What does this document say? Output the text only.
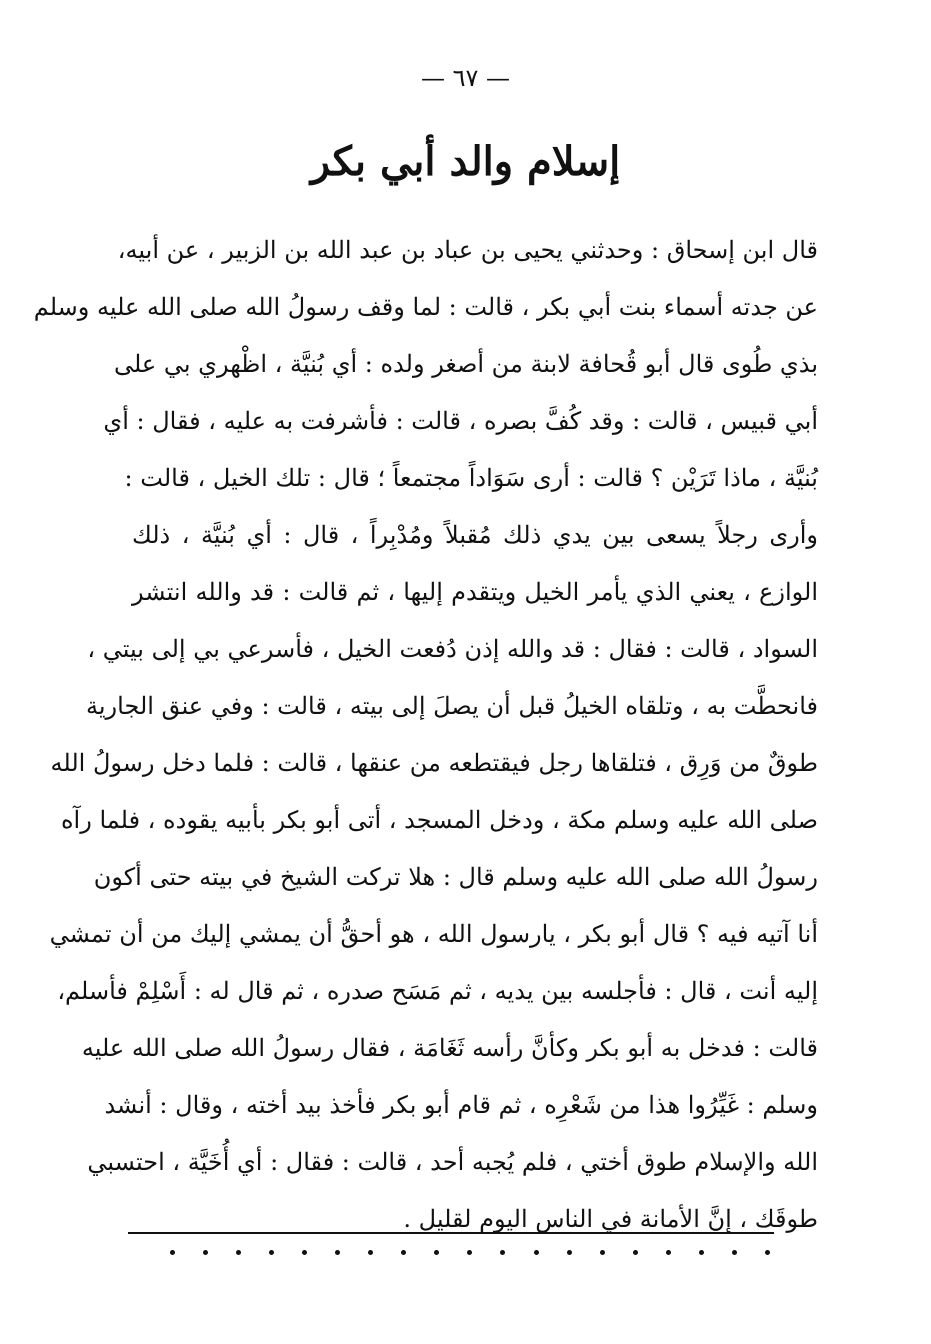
— ٦٧ —
إسلام والد أبي بكر
قال ابن إسحاق : وحدثني يحيى بن عباد بن عبد الله بن الزبير ، عن أبيه،
عن جدته أسماء بنت أبي بكر ، قالت : لما وقف رسولُ الله صلى الله عليه وسلم
بذي طُوى قال أبو قُحافة لابنة من أصغر ولده : أي بُنيَّة ، اظْهري بي على
أبي قبيس ، قالت : وقد كُفَّ بصره ، قالت : فأشرفت به عليه ، فقال : أي
بُنيَّة ، ماذا تَرَيْن ؟ قالت : أرى سَوَاداً مجتمعاً ؛ قال : تلك الخيل ، قالت :
وأرى رجلاً يسعى بين يدي ذلك مُقبلاً ومُدْبِراً ، قال : أي بُنيَّة ، ذلك
الوازع ، يعني الذي يأمر الخيل ويتقدم إليها ، ثم قالت : قد والله انتشر
السواد ، قالت : فقال : قد والله إذن دُفعت الخيل ، فأسرعي بي إلى بيتي ،
فانحطَّت به ، وتلقاه الخيلُ قبل أن يصلَ إلى بيته ، قالت : وفي عنق الجارية
طوقٌ من وَرِق ، فتلقاها رجل فيقتطعه من عنقها ، قالت : فلما دخل رسولُ الله
صلى الله عليه وسلم مكة ، ودخل المسجد ، أتى أبو بكر بأبيه يقوده ، فلما رآه
رسولُ الله صلى الله عليه وسلم قال : هلا تركت الشيخ في بيته حتى أكون
أنا آتيه فيه ؟ قال أبو بكر ، يارسول الله ، هو أحقُّ أن يمشي إليك من أن تمشي
إليه أنت ، قال : فأجلسه بين يديه ، ثم مَسَح صدره ، ثم قال له : أَسْلِمْ فأسلم،
قالت : فدخل به أبو بكر وكأنَّ رأسه ثَغَامَة ، فقال رسولُ الله صلى الله عليه
وسلم : غَيِّرُوا هذا من شَعْرِه ، ثم قام أبو بكر فأخذ بيد أخته ، وقال : أنشد
الله والإسلام طوق أختي ، فلم يُجبه أحد ، قالت : فقال : أي أُخَيَّة ، احتسبي
طوقَك ، إنَّ الأمانة في الناس اليوم لقليل .
